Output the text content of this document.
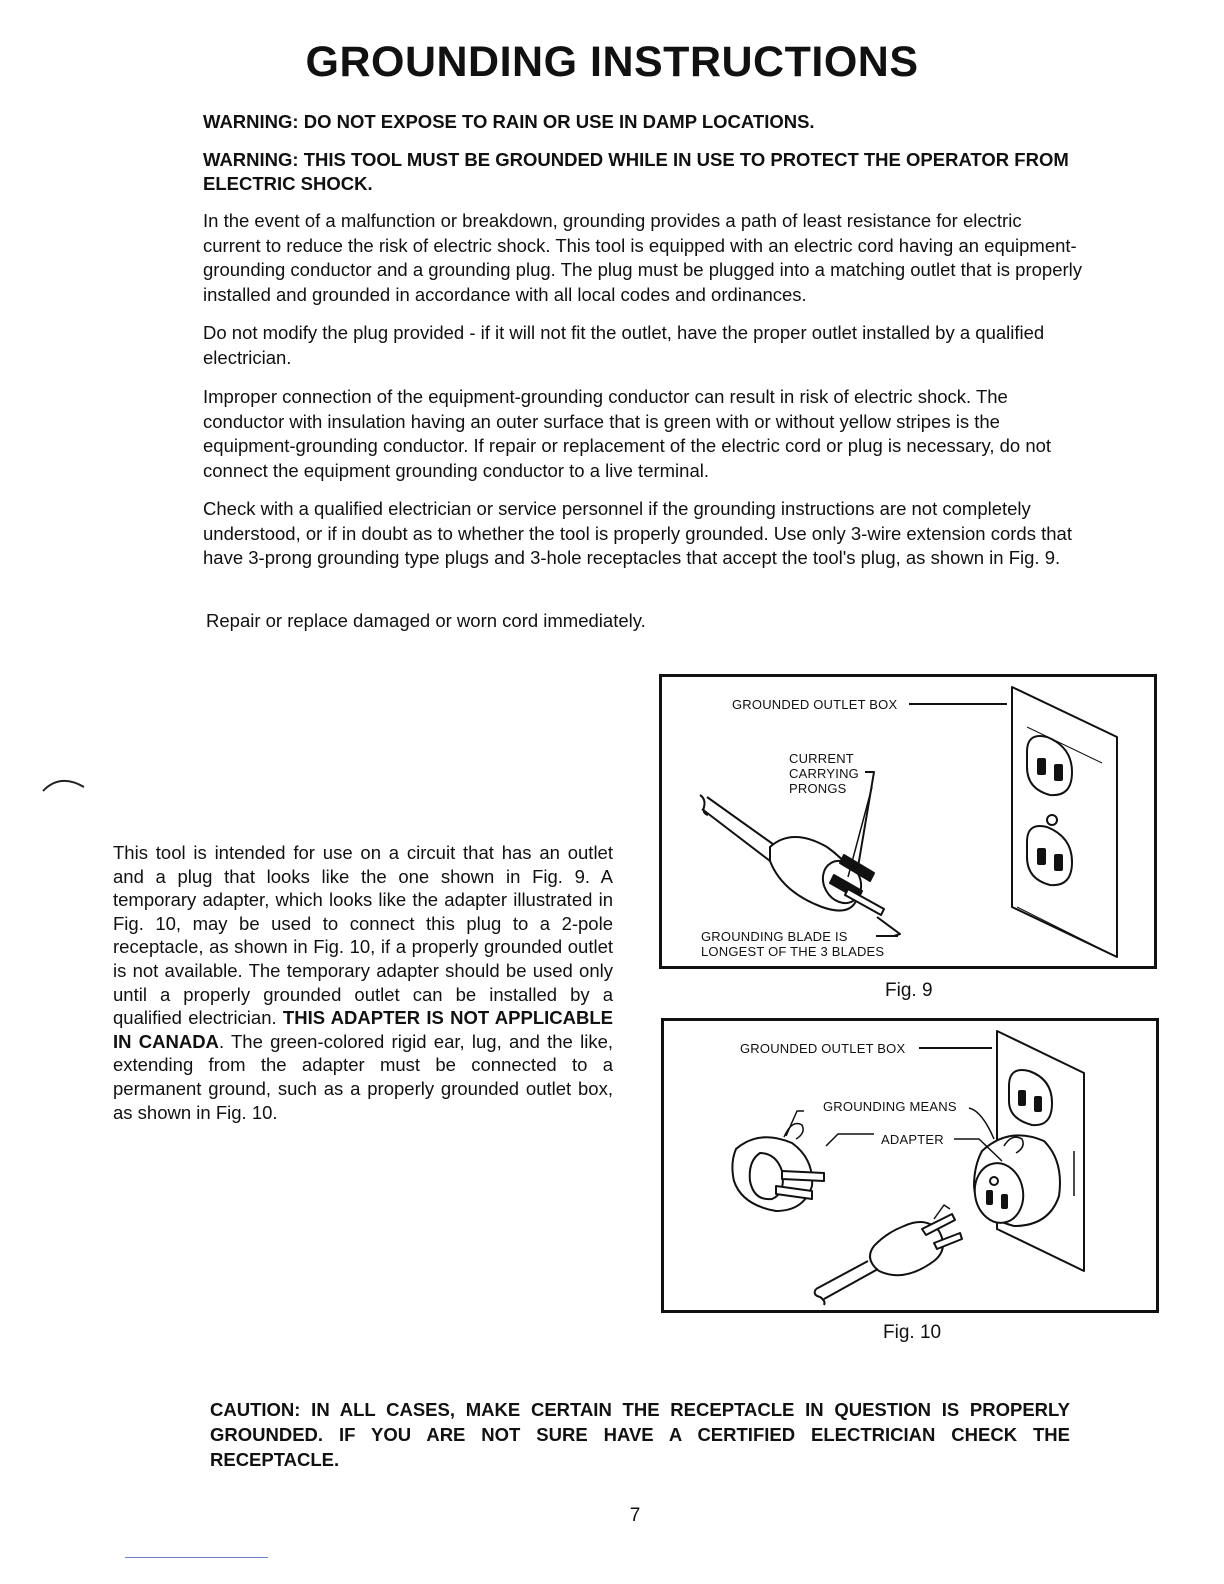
GROUNDING INSTRUCTIONS
WARNING: DO NOT EXPOSE TO RAIN OR USE IN DAMP LOCATIONS.
WARNING: THIS TOOL MUST BE GROUNDED WHILE IN USE TO PROTECT THE OPERATOR FROM ELECTRIC SHOCK.
In the event of a malfunction or breakdown, grounding provides a path of least resistance for electric current to reduce the risk of electric shock. This tool is equipped with an electric cord having an equipment-grounding conductor and a grounding plug. The plug must be plugged into a matching outlet that is properly installed and grounded in accordance with all local codes and ordinances.
Do not modify the plug provided - if it will not fit the outlet, have the proper outlet installed by a qualified electrician.
Improper connection of the equipment-grounding conductor can result in risk of electric shock. The conductor with insulation having an outer surface that is green with or without yellow stripes is the equipment-grounding conductor. If repair or replacement of the electric cord or plug is necessary, do not connect the equipment grounding conductor to a live terminal.
Check with a qualified electrician or service personnel if the grounding instructions are not completely understood, or if in doubt as to whether the tool is properly grounded. Use only 3-wire extension cords that have 3-prong grounding type plugs and 3-hole receptacles that accept the tool's plug, as shown in Fig. 9.
Repair or replace damaged or worn cord immediately.
This tool is intended for use on a circuit that has an outlet and a plug that looks like the one shown in Fig. 9. A temporary adapter, which looks like the adapter illustrated in Fig. 10, may be used to connect this plug to a 2-pole receptacle, as shown in Fig. 10, if a properly grounded outlet is not available. The temporary adapter should be used only until a properly grounded outlet can be installed by a qualified electrician. THIS ADAPTER IS NOT APPLICABLE IN CANADA. The green-colored rigid ear, lug, and the like, extending from the adapter must be connected to a permanent ground, such as a properly grounded outlet box, as shown in Fig. 10.
GROUNDED OUTLET BOX
CURRENT
CARRYING
PRONGS
GROUNDING BLADE IS
LONGEST OF THE 3 BLADES
Fig. 9
GROUNDED OUTLET BOX
GROUNDING MEANS
ADAPTER
Fig. 10
CAUTION: IN ALL CASES, MAKE CERTAIN THE RECEPTACLE IN QUESTION IS PROPERLY GROUNDED. IF YOU ARE NOT SURE HAVE A CERTIFIED ELECTRICIAN CHECK THE RECEPTACLE.
7
